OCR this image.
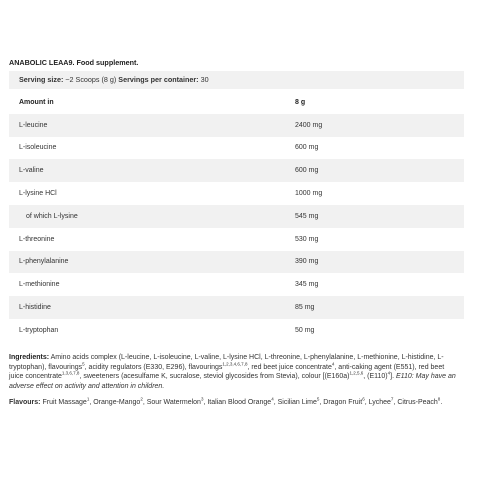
ANABOLIC LEAA9. Food supplement.
Serving size: ~2 Scoops (8 g) Servings per container: 30
Amount in	8 g
L-leucine	2400 mg
L-isoleucine	600 mg
L-valine	600 mg
L-lysine HCl	1000 mg
of which L-lysine	545 mg
L-threonine	530 mg
L-phenylalanine	390 mg
L-methionine	345 mg
L-histidine	85 mg
L-tryptophan	50 mg
Ingredients: Amino acids complex (L-leucine, L-isoleucine, L-valine, L-lysine HCl, L-threonine, L-phenylalanine, L-methionine, L-histidine, L-tryptophan), flavourings$^5$, acidity regulators (E330, E296), flavourings$^{1,2,3,4,6,7,8}$, red beet juice concentrate$^4$, anti-caking agent (E551), red beet juice concentrate$^{1,3,6,7,8}$, sweeteners (acesulfame K, sucralose, steviol glycosides from Stevia), colour [$(E160a)^{1,2,5,6}$, $(E110)^4$]. E110: May have an adverse effect on activity and attention in children.
Flavours: Fruit Massage$^1$, Orange-Mango$^2$, Sour Watermelon$^3$, Italian Blood Orange$^4$, Sicilian Lime$^5$, Dragon Fruit$^6$, Lychee$^7$, Citrus-Peach$^8$.
